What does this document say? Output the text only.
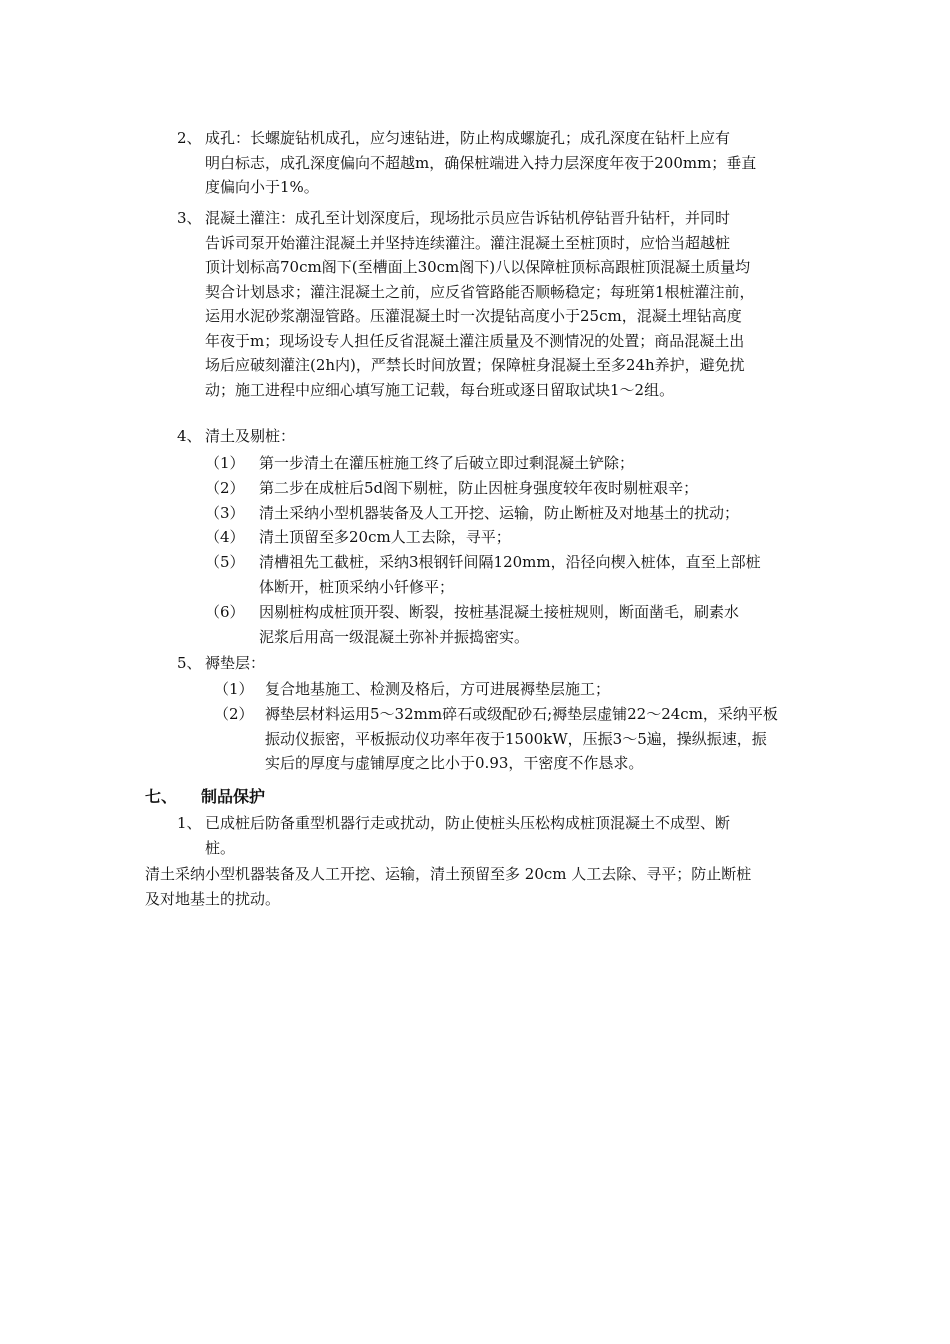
2、 成孔：长螺旋钻机成孔，应匀速钻进，防止构成螺旋孔；成孔深度在钻杆上应有
明白标志，成孔深度偏向不超越m，确保桩端进入持力层深度年夜于200mm；垂直
度偏向小于1%。
3、 混凝土灌注：成孔至计划深度后，现场批示员应告诉钻机停钻晋升钻杆，并同时
告诉司泵开始灌注混凝土并坚持连续灌注。灌注混凝土至桩顶时，应恰当超越桩
顶计划标高70cm阁下(至槽面上30cm阁下)八以保障桩顶标高跟桩顶混凝土质量均
契合计划恳求；灌注混凝土之前，应反省管路能否顺畅稳定；每班第1根桩灌注前，
运用水泥砂浆潮湿管路。压灌混凝土时一次提钻高度小于25cm，混凝土埋钻高度
年夜于m；现场设专人担任反省混凝土灌注质量及不测情况的处置；商品混凝土出
场后应破刻灌注(2h内)，严禁长时间放置；保障桩身混凝土至多24h养护，避免扰
动；施工进程中应细心填写施工记载，每台班或逐日留取试块1～2组。
4、 清土及剔桩：
（1） 第一步清土在灌压桩施工终了后破立即过剩混凝土铲除；
（2） 第二步在成桩后5d阁下剔桩，防止因桩身强度较年夜时剔桩艰辛；
（3） 清土采纳小型机器装备及人工开挖、运输，防止断桩及对地基土的扰动；
（4） 清土顶留至多20cm人工去除，寻平；
（5） 清槽祖先工截桩，采纳3根钢钎间隔120mm，沿径向楔入桩体，直至上部桩
体断开，桩顶采纳小钎修平；
（6） 因剔桩构成桩顶开裂、断裂，按桩基混凝土接桩规则，断面凿毛，刷素水
泥浆后用高一级混凝土弥补并振捣密实。
5、 褥垫层：
（1） 复合地基施工、检测及格后，方可进展褥垫层施工；
（2） 褥垫层材料运用5～32mm碎石或级配砂石;褥垫层虚铺22～24cm，采纳平板
振动仪振密，平板振动仪功率年夜于1500kW，压振3～5遍，操纵振速，振
实后的厚度与虚铺厚度之比小于0.93，干密度不作恳求。
七、 制品保护
1、 已成桩后防备重型机器行走或扰动，防止使桩头压松构成桩顶混凝土不成型、断
桩。
清土采纳小型机器装备及人工开挖、运输，清土预留至多 20cm 人工去除、寻平；防止断桩
及对地基土的扰动。
